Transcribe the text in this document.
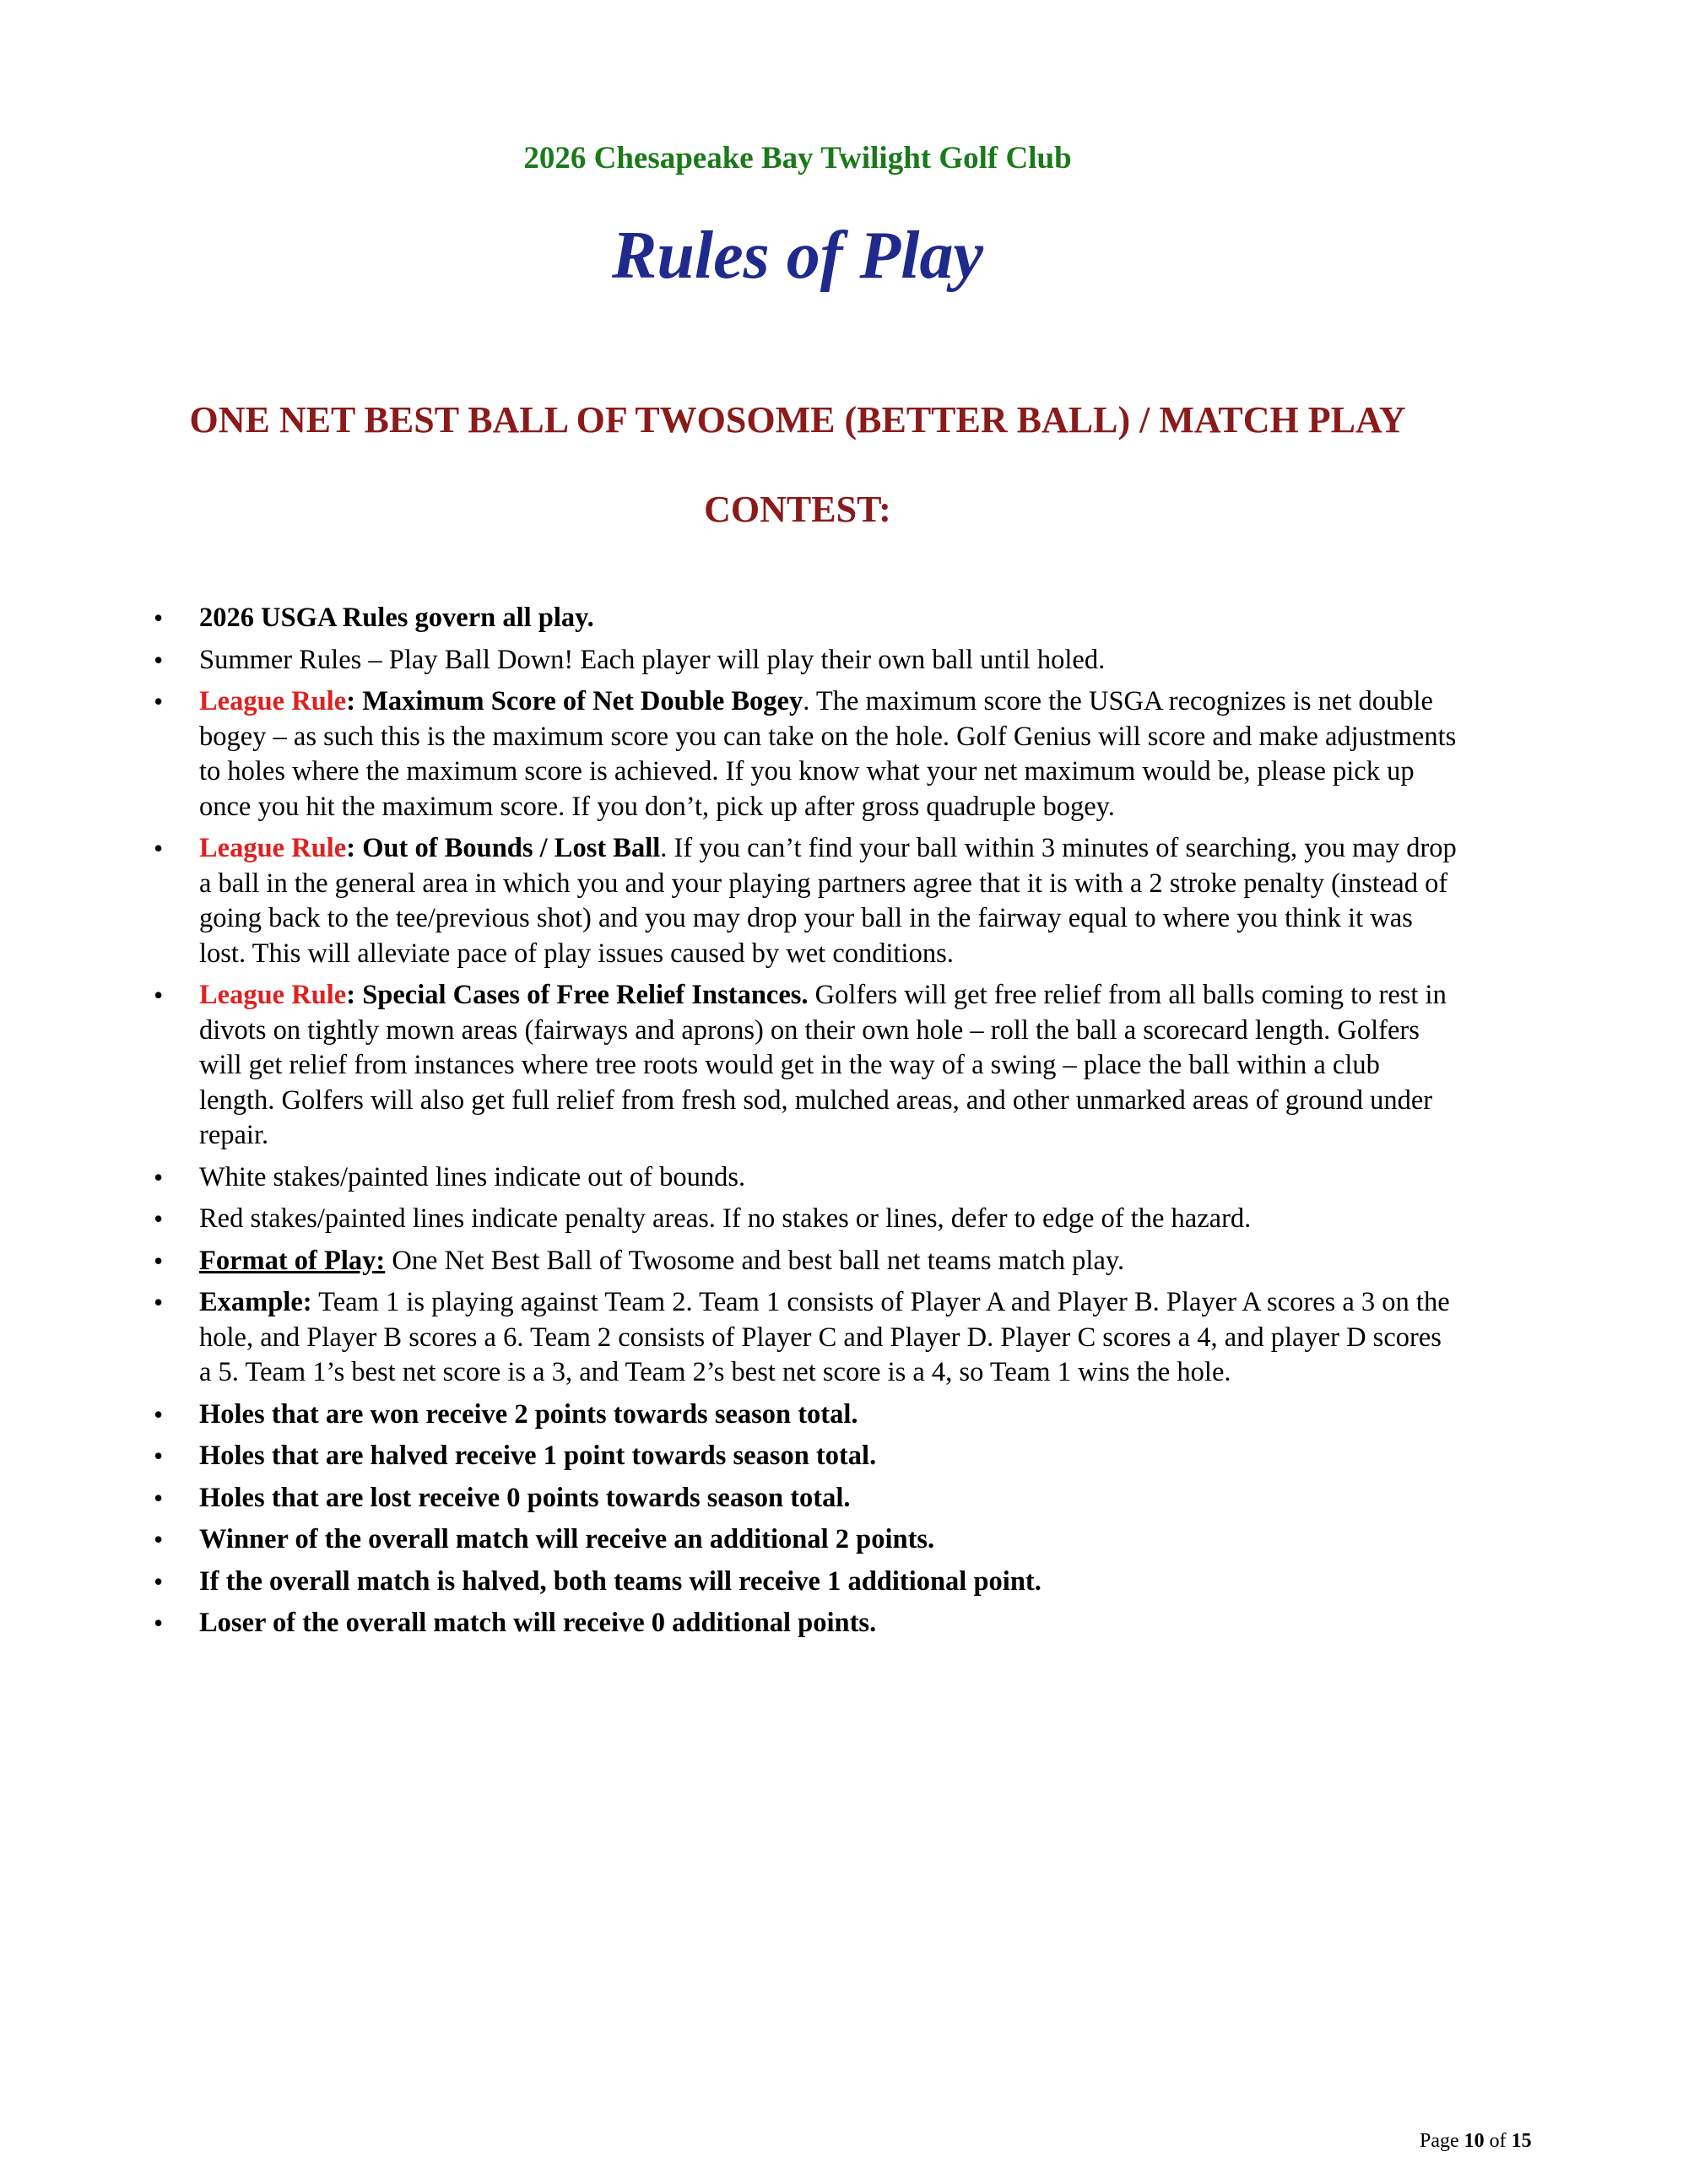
2026 Chesapeake Bay Twilight Golf Club
Rules of Play
ONE NET BEST BALL OF TWOSOME (BETTER BALL) / MATCH PLAY
CONTEST:
• 2026 USGA Rules govern all play.
• Summer Rules – Play Ball Down! Each player will play their own ball until holed.
• League Rule: Maximum Score of Net Double Bogey. The maximum score the USGA recognizes is net double bogey – as such this is the maximum score you can take on the hole. Golf Genius will score and make adjustments to holes where the maximum score is achieved. If you know what your net maximum would be, please pick up once you hit the maximum score. If you don’t, pick up after gross quadruple bogey.
• League Rule: Out of Bounds / Lost Ball. If you can’t find your ball within 3 minutes of searching, you may drop a ball in the general area in which you and your playing partners agree that it is with a 2 stroke penalty (instead of going back to the tee/previous shot) and you may drop your ball in the fairway equal to where you think it was lost. This will alleviate pace of play issues caused by wet conditions.
• League Rule: Special Cases of Free Relief Instances. Golfers will get free relief from all balls coming to rest in divots on tightly mown areas (fairways and aprons) on their own hole – roll the ball a scorecard length. Golfers will get relief from instances where tree roots would get in the way of a swing – place the ball within a club length. Golfers will also get full relief from fresh sod, mulched areas, and other unmarked areas of ground under repair.
• White stakes/painted lines indicate out of bounds.
• Red stakes/painted lines indicate penalty areas. If no stakes or lines, defer to edge of the hazard.
• Format of Play: One Net Best Ball of Twosome and best ball net teams match play.
• Example: Team 1 is playing against Team 2. Team 1 consists of Player A and Player B. Player A scores a 3 on the hole, and Player B scores a 6. Team 2 consists of Player C and Player D. Player C scores a 4, and player D scores a 5. Team 1’s best net score is a 3, and Team 2’s best net score is a 4, so Team 1 wins the hole.
• Holes that are won receive 2 points towards season total.
• Holes that are halved receive 1 point towards season total.
• Holes that are lost receive 0 points towards season total.
• Winner of the overall match will receive an additional 2 points.
• If the overall match is halved, both teams will receive 1 additional point.
• Loser of the overall match will receive 0 additional points.
Page 10 of 15
